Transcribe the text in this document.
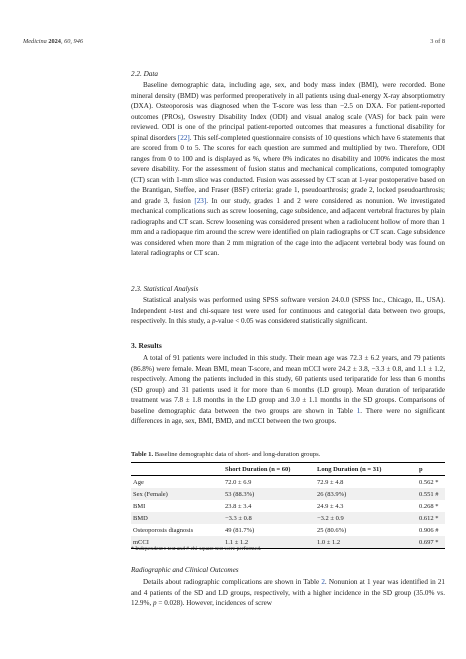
Medicina 2024, 60, 946	3 of 8
2.2. Data

Baseline demographic data, including age, sex, and body mass index (BMI), were recorded. Bone mineral density (BMD) was performed preoperatively in all patients using dual-energy X-ray absorptiometry (DXA). Osteoporosis was diagnosed when the T-score was less than −2.5 on DXA. For patient-reported outcomes (PROs), Oswestry Disability Index (ODI) and visual analog scale (VAS) for back pain were reviewed. ODI is one of the principal patient-reported outcomes that measures a functional disability for spinal disorders [22]. This self-completed questionnaire consists of 10 questions which have 6 statements that are scored from 0 to 5. The scores for each question are summed and multiplied by two. Therefore, ODI ranges from 0 to 100 and is displayed as %, where 0% indicates no disability and 100% indicates the most severe disability. For the assessment of fusion status and mechanical complications, computed tomography (CT) scan with 1-mm slice was conducted. Fusion was assessed by CT scan at 1-year postoperative based on the Brantigan, Steffee, and Fraser (BSF) criteria: grade 1, pseudoarthrosis; grade 2, locked pseudoarthrosis; and grade 3, fusion [23]. In our study, grades 1 and 2 were considered as nonunion. We investigated mechanical complications such as screw loosening, cage subsidence, and adjacent vertebral fractures by plain radiographs and CT scan. Screw loosening was considered present when a radiolucent hollow of more than 1 mm and a radiopaque rim around the screw were identified on plain radiographs or CT scan. Cage subsidence was considered when more than 2 mm migration of the cage into the adjacent vertebral body was found on lateral radiographs or CT scan.

2.3. Statistical Analysis

Statistical analysis was performed using SPSS software version 24.0.0 (SPSS Inc., Chicago, IL, USA). Independent t-test and chi-square test were used for continuous and categorial data between two groups, respectively. In this study, a p-value < 0.05 was considered statistically significant.

3. Results

A total of 91 patients were included in this study. Their mean age was 72.3 ± 6.2 years, and 79 patients (86.8%) were female. Mean BMI, mean T-score, and mean mCCI were 24.2 ± 3.8, −3.3 ± 0.8, and 1.1 ± 1.2, respectively. Among the patients included in this study, 60 patients used teriparatide for less than 6 months (SD group) and 31 patients used it for more than 6 months (LD group). Mean duration of teriparatide treatment was 7.8 ± 1.8 months in the LD group and 3.0 ± 1.1 months in the SD groups. Comparisons of baseline demographic data between the two groups are shown in Table 1. There were no significant differences in age, sex, BMI, BMD, and mCCI between the two groups.

Table 1. Baseline demographic data of short- and long-duration groups.
	Short Duration (n = 60)	Long Duration (n = 31)	p
Age	72.0 ± 6.9	72.9 ± 4.8	0.562 *
Sex (Female)	53 (88.3%)	26 (83.9%)	0.551 #
BMI	23.8 ± 3.4	24.9 ± 4.3	0.268 *
BMD	−3.3 ± 0.8	−3.2 ± 0.9	0.612 *
Osteoporosis diagnosis	49 (81.7%)	25 (80.6%)	0.906 #
mCCI	1.1 ± 1.2	1.0 ± 1.2	0.697 *
* Independent t-test and # chi-square test were performed.
Radiographic and Clinical Outcomes

Details about radiographic complications are shown in Table 2. Nonunion at 1 year was identified in 21 and 4 patients of the SD and LD groups, respectively, with a higher incidence in the SD group (35.0% vs. 12.9%, p = 0.028). However, incidences of screw
